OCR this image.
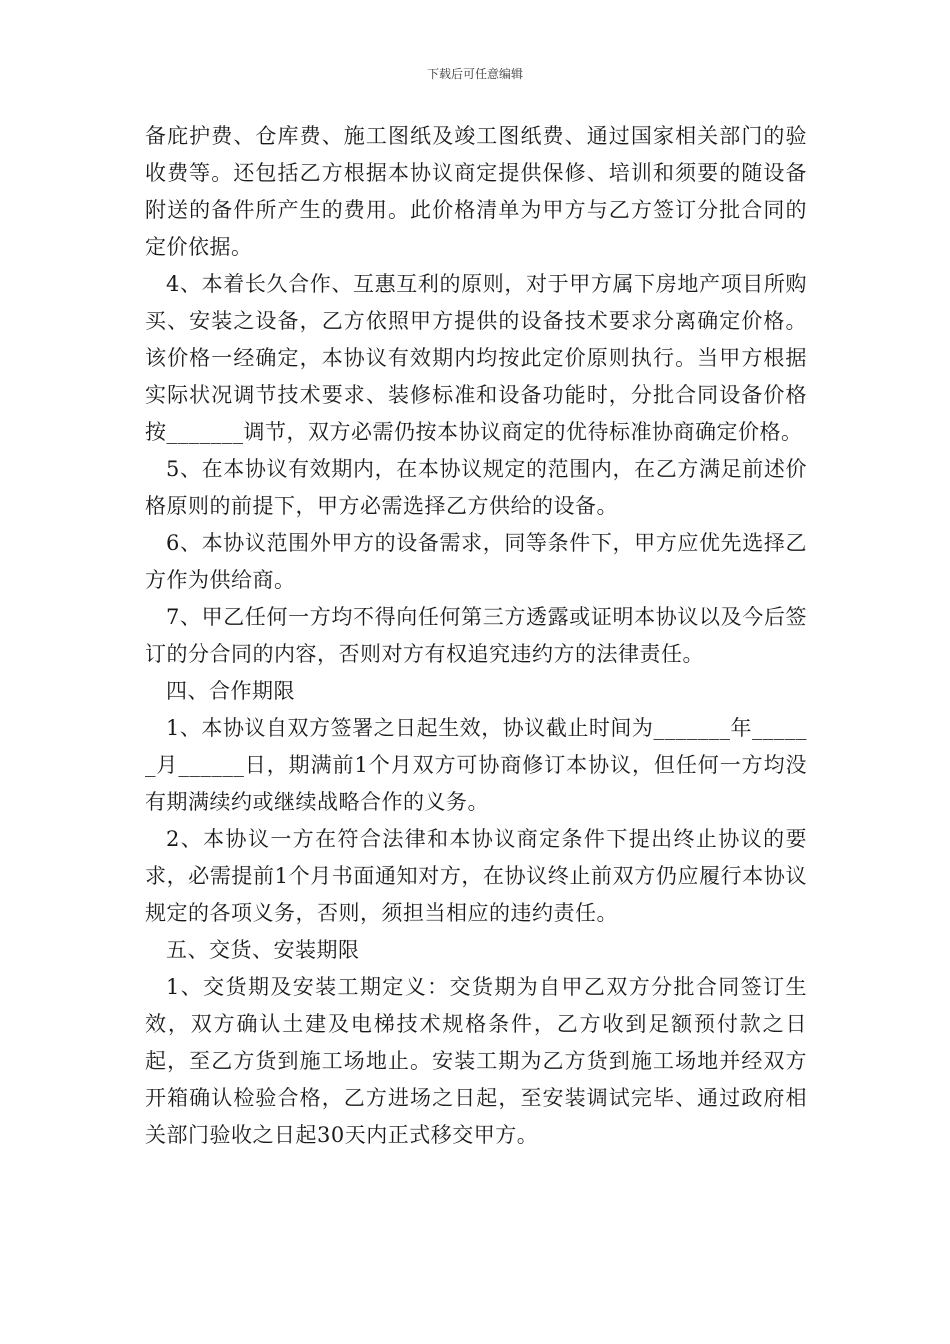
下载后可任意编辑

备庇护费、仓库费、施工图纸及竣工图纸费、通过国家相关部门的验收费等。还包括乙方根据本协议商定提供保修、培训和须要的随设备附送的备件所产生的费用。此价格清单为甲方与乙方签订分批合同的定价依据。

4、本着长久合作、互惠互利的原则，对于甲方属下房地产项目所购买、安装之设备，乙方依照甲方提供的设备技术要求分离确定价格。该价格一经确定，本协议有效期内均按此定价原则执行。当甲方根据实际状况调节技术要求、装修标准和设备功能时，分批合同设备价格按_______调节，双方必需仍按本协议商定的优待标准协商确定价格。

5、在本协议有效期内，在本协议规定的范围内，在乙方满足前述价格原则的前提下，甲方必需选择乙方供给的设备。

6、本协议范围外甲方的设备需求，同等条件下，甲方应优先选择乙方作为供给商。

7、甲乙任何一方均不得向任何第三方透露或证明本协议以及今后签订的分合同的内容，否则对方有权追究违约方的法律责任。

四、合作期限

1、本协议自双方签署之日起生效，协议截止时间为_______年______月______日，期满前1个月双方可协商修订本协议，但任何一方均没有期满续约或继续战略合作的义务。

2、本协议一方在符合法律和本协议商定条件下提出终止协议的要求，必需提前1个月书面通知对方，在协议终止前双方仍应履行本协议规定的各项义务，否则，须担当相应的违约责任。

五、交货、安装期限

1、交货期及安装工期定义：交货期为自甲乙双方分批合同签订生效，双方确认土建及电梯技术规格条件，乙方收到足额预付款之日起，至乙方货到施工场地止。安装工期为乙方货到施工场地并经双方开箱确认检验合格，乙方进场之日起，至安装调试完毕、通过政府相关部门验收之日起30天内正式移交甲方。
